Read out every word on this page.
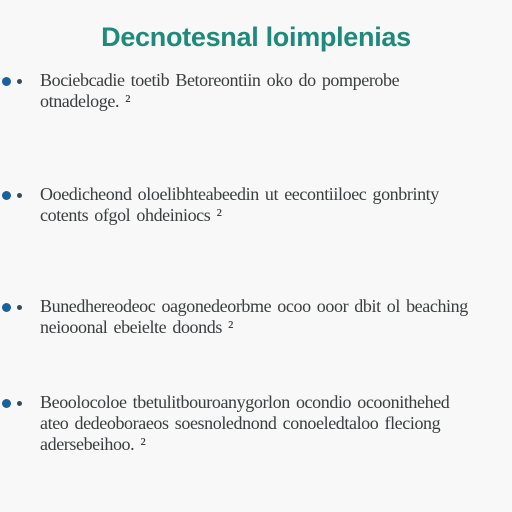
Decnotesnal loimplenias
Bociebcadie toetib Betoreontiin oko do pomperobe
otnadeloge. ²
Ooedicheond oloelibhteabeedin ut eecontiiloec gonbrinty
cotents ofgol ohdeiniocs ²
Bunedhereodeoc oagonedeorbme ocoo ooor dbit ol beaching
neiooonal ebeielte doonds ²
Beoolocoloe tbetulitbouroanygorlon ocondio ocoonithehed
ateo dedeoboraeos soesnolednond conoeledtaloo fleciong
adersebeihoo. ²
